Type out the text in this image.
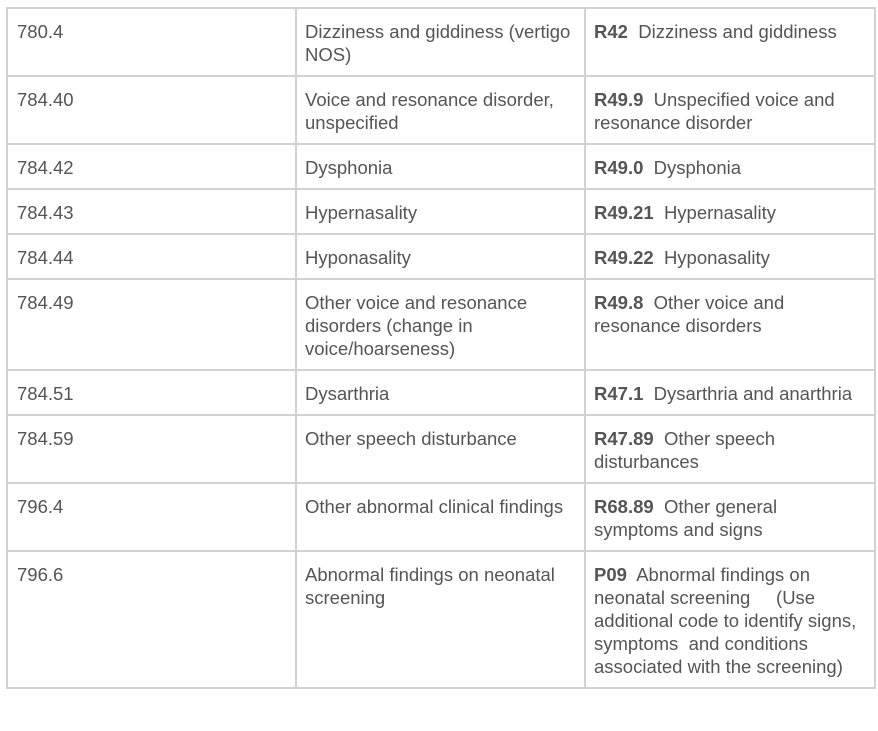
780.4	Dizziness and giddiness (vertigo NOS)	R42 Dizziness and giddiness
784.40	Voice and resonance disorder, unspecified	R49.9 Unspecified voice and resonance disorder
784.42	Dysphonia	R49.0 Dysphonia
784.43	Hypernasality	R49.21 Hypernasality
784.44	Hyponasality	R49.22 Hyponasality
784.49	Other voice and resonance disorders (change in voice/hoarseness)	R49.8 Other voice and resonance disorders
784.51	Dysarthria	R47.1 Dysarthria and anarthria
784.59	Other speech disturbance	R47.89 Other speech disturbances
796.4	Other abnormal clinical findings	R68.89 Other general symptoms and signs
796.6	Abnormal findings on neonatal screening	P09 Abnormal findings on neonatal screening     (Use additional code to identify signs, symptoms  and conditions associated with the screening)
